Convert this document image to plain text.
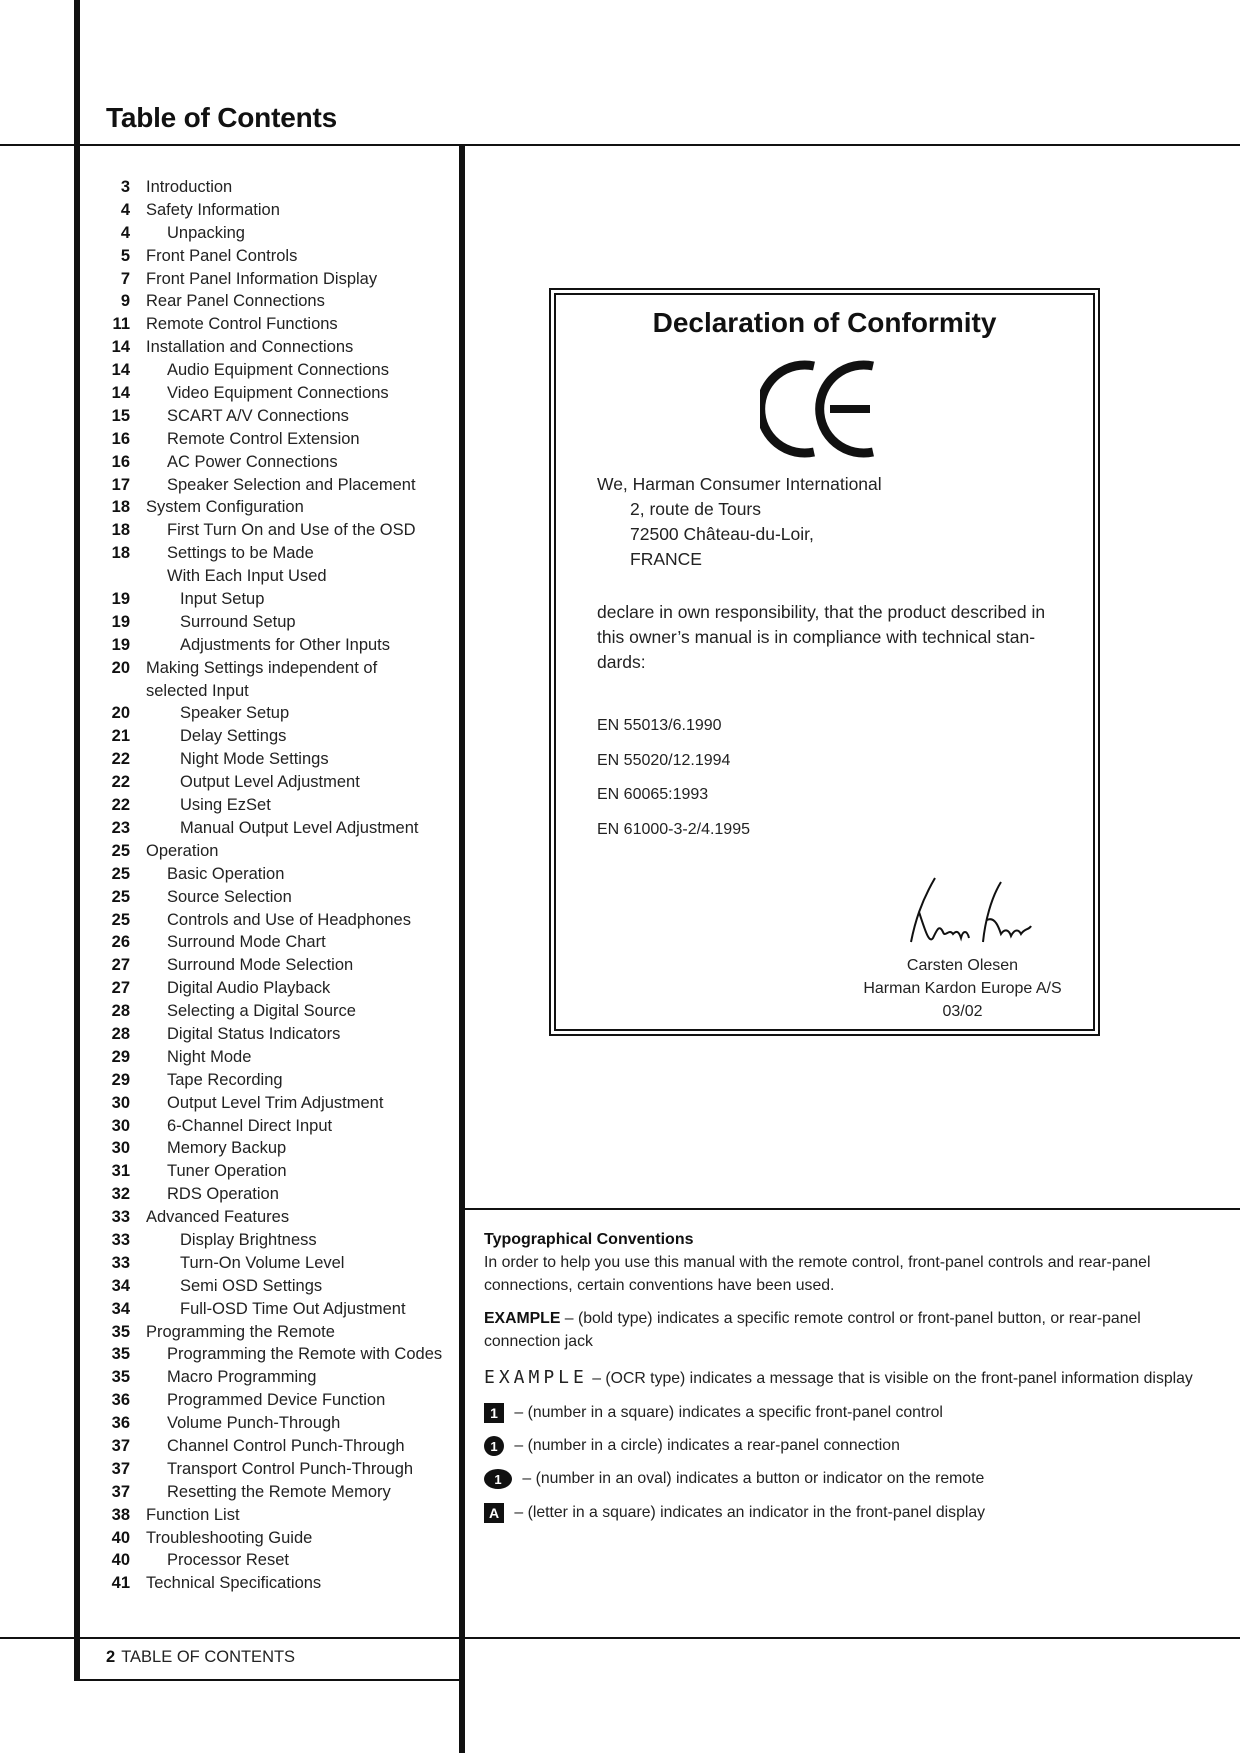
Table of Contents
3 Introduction
4 Safety Information
4 Unpacking
5 Front Panel Controls
7 Front Panel Information Display
9 Rear Panel Connections
11 Remote Control Functions
14 Installation and Connections
14 Audio Equipment Connections
14 Video Equipment Connections
15 SCART A/V Connections
16 Remote Control Extension
16 AC Power Connections
17 Speaker Selection and Placement
18 System Configuration
18 First Turn On and Use of the OSD
18 Settings to be Made
With Each Input Used
19	Input Setup
19	Surround Setup
19	Adjustments for Other Inputs
20 Making Settings independent of
selected Input
20	Speaker Setup
21	Delay Settings
22	Night Mode Settings
22	Output Level Adjustment
22	Using EzSet
23	Manual Output Level Adjustment
25 Operation
25 Basic Operation
25 Source Selection
25 Controls and Use of Headphones
26 Surround Mode Chart
27 Surround Mode Selection
27 Digital Audio Playback
28 Selecting a Digital Source
28 Digital Status Indicators
29 Night Mode
29 Tape Recording
30 Output Level Trim Adjustment
30 6-Channel Direct Input
30 Memory Backup
31 Tuner Operation
32 RDS Operation
33 Advanced Features
33	Display Brightness
33	Turn-On Volume Level
34	Semi OSD Settings
34	Full-OSD Time Out Adjustment
35 Programming the Remote
35 Programming the Remote with Codes
35 Macro Programming
36 Programmed Device Function
36 Volume Punch-Through
37 Channel Control Punch-Through
37 Transport Control Punch-Through
37 Resetting the Remote Memory
38 Function List
40 Troubleshooting Guide
40 Processor Reset
41 Technical Specifications
Declaration of Conformity
We, Harman Consumer International
2, route de Tours
72500 Château-du-Loir,
FRANCE
declare in own responsibility, that the product described in this owner’s manual is in compliance with technical stan-dards:
EN 55013/6.1990
EN 55020/12.1994
EN 60065:1993
EN 61000-3-2/4.1995
Carsten Olesen
Harman Kardon Europe A/S
03/02

Typographical Conventions

In order to help you use this manual with the remote control, front-panel controls and rear-panel connections, certain conventions have been used.

EXAMPLE – (bold type) indicates a specific remote control or front-panel button, or rear-panel connection jack
EXAMPLE – (OCR type) indicates a message that is visible on the front-panel information display
1 – (number in a square) indicates a specific front-panel control
1 – (number in a circle) indicates a rear-panel connection
1 – (number in an oval) indicates a button or indicator on the remote
A – (letter in a square) indicates an indicator in the front-panel display
2 TABLE OF CONTENTS
